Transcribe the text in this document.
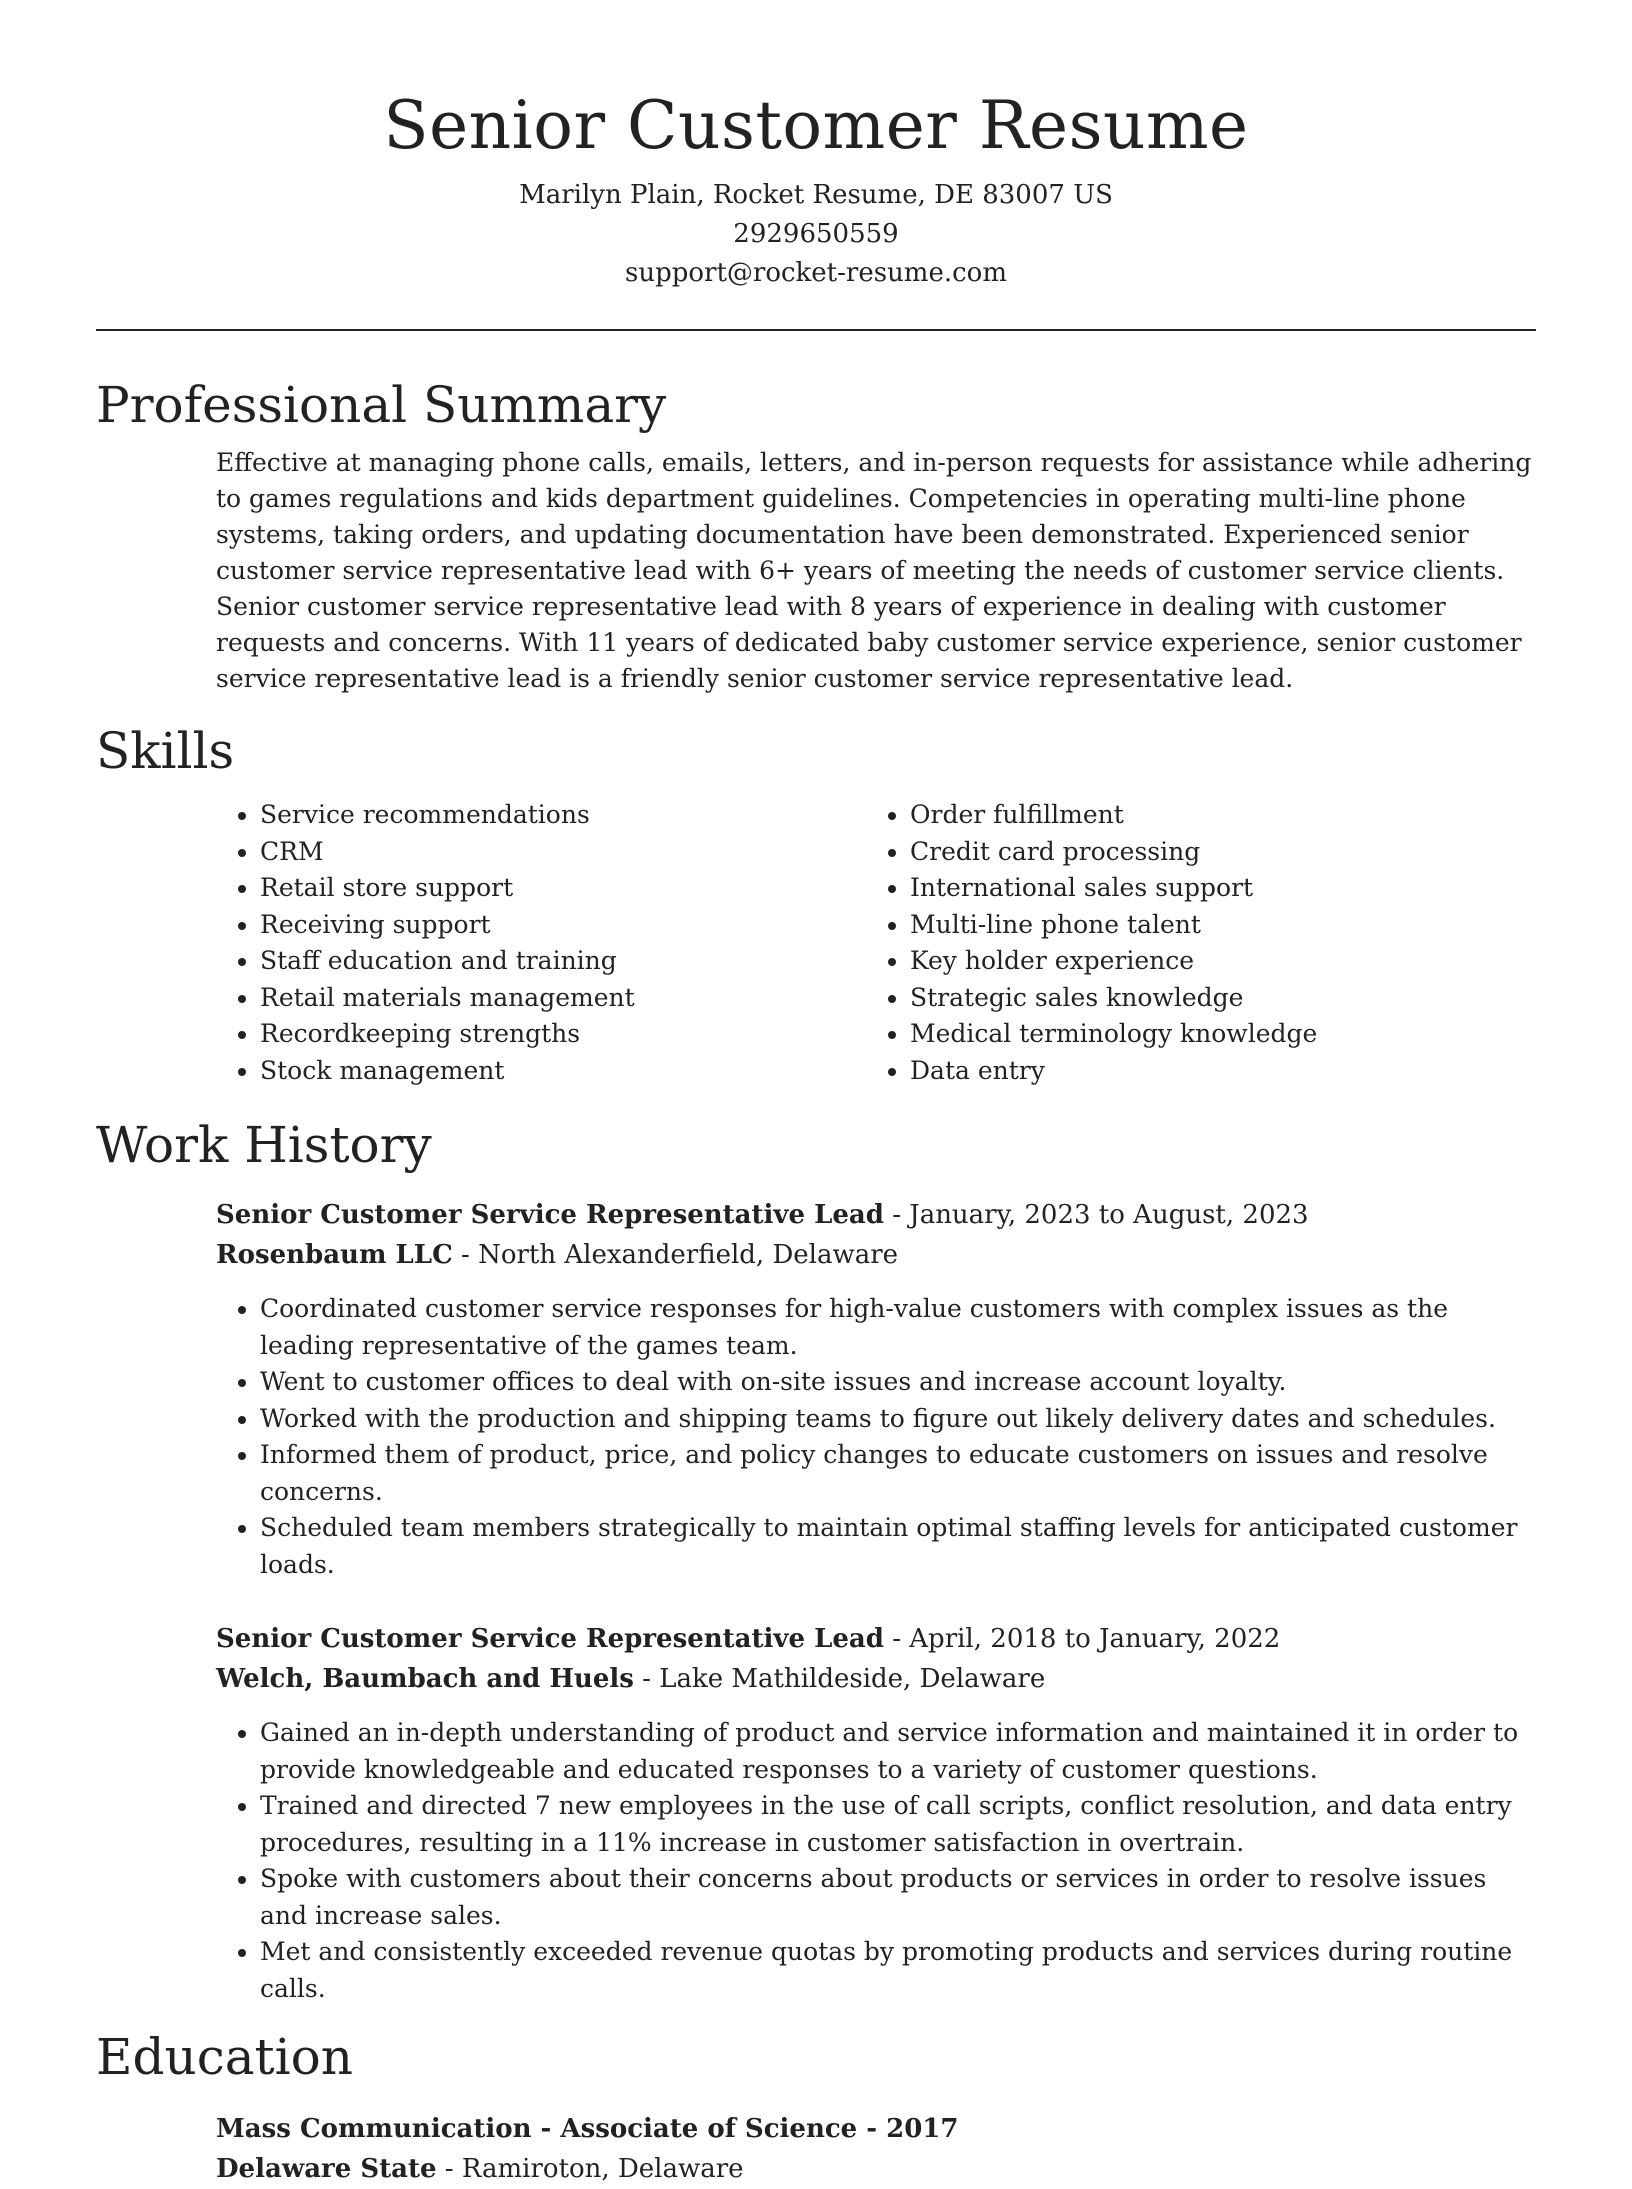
Senior Customer Resume

Marilyn Plain, Rocket Resume, DE 83007 US

2929650559

support@rocket-resume.com

Professional Summary

Effective at managing phone calls, emails, letters, and in-person requests for assistance while adhering to games regulations and kids department guidelines. Competencies in operating multi-line phone systems, taking orders, and updating documentation have been demonstrated. Experienced senior customer service representative lead with 6+ years of meeting the needs of customer service clients. Senior customer service representative lead with 8 years of experience in dealing with customer requests and concerns. With 11 years of dedicated baby customer service experience, senior customer service representative lead is a friendly senior customer service representative lead.

Skills
• Service recommendations
• CRM
• Retail store support
• Receiving support
• Staff education and training
• Retail materials management
• Recordkeeping strengths
• Stock management
• Order fulfillment
• Credit card processing
• International sales support
• Multi-line phone talent
• Key holder experience
• Strategic sales knowledge
• Medical terminology knowledge
• Data entry
Work History

Senior Customer Service Representative Lead - January, 2023 to August, 2023

Rosenbaum LLC - North Alexanderfield, Delaware

• Coordinated customer service responses for high-value customers with complex issues as the leading representative of the games team.
• Went to customer offices to deal with on-site issues and increase account loyalty.
• Worked with the production and shipping teams to figure out likely delivery dates and schedules.
• Informed them of product, price, and policy changes to educate customers on issues and resolve concerns.
• Scheduled team members strategically to maintain optimal staffing levels for anticipated customer loads.

Senior Customer Service Representative Lead - April, 2018 to January, 2022

Welch, Baumbach and Huels - Lake Mathildeside, Delaware

• Gained an in-depth understanding of product and service information and maintained it in order to provide knowledgeable and educated responses to a variety of customer questions.
• Trained and directed 7 new employees in the use of call scripts, conflict resolution, and data entry procedures, resulting in a 11% increase in customer satisfaction in overtrain.
• Spoke with customers about their concerns about products or services in order to resolve issues and increase sales.
• Met and consistently exceeded revenue quotas by promoting products and services during routine calls.
Education

Mass Communication - Associate of Science - 2017

Delaware State - Ramiroton, Delaware
